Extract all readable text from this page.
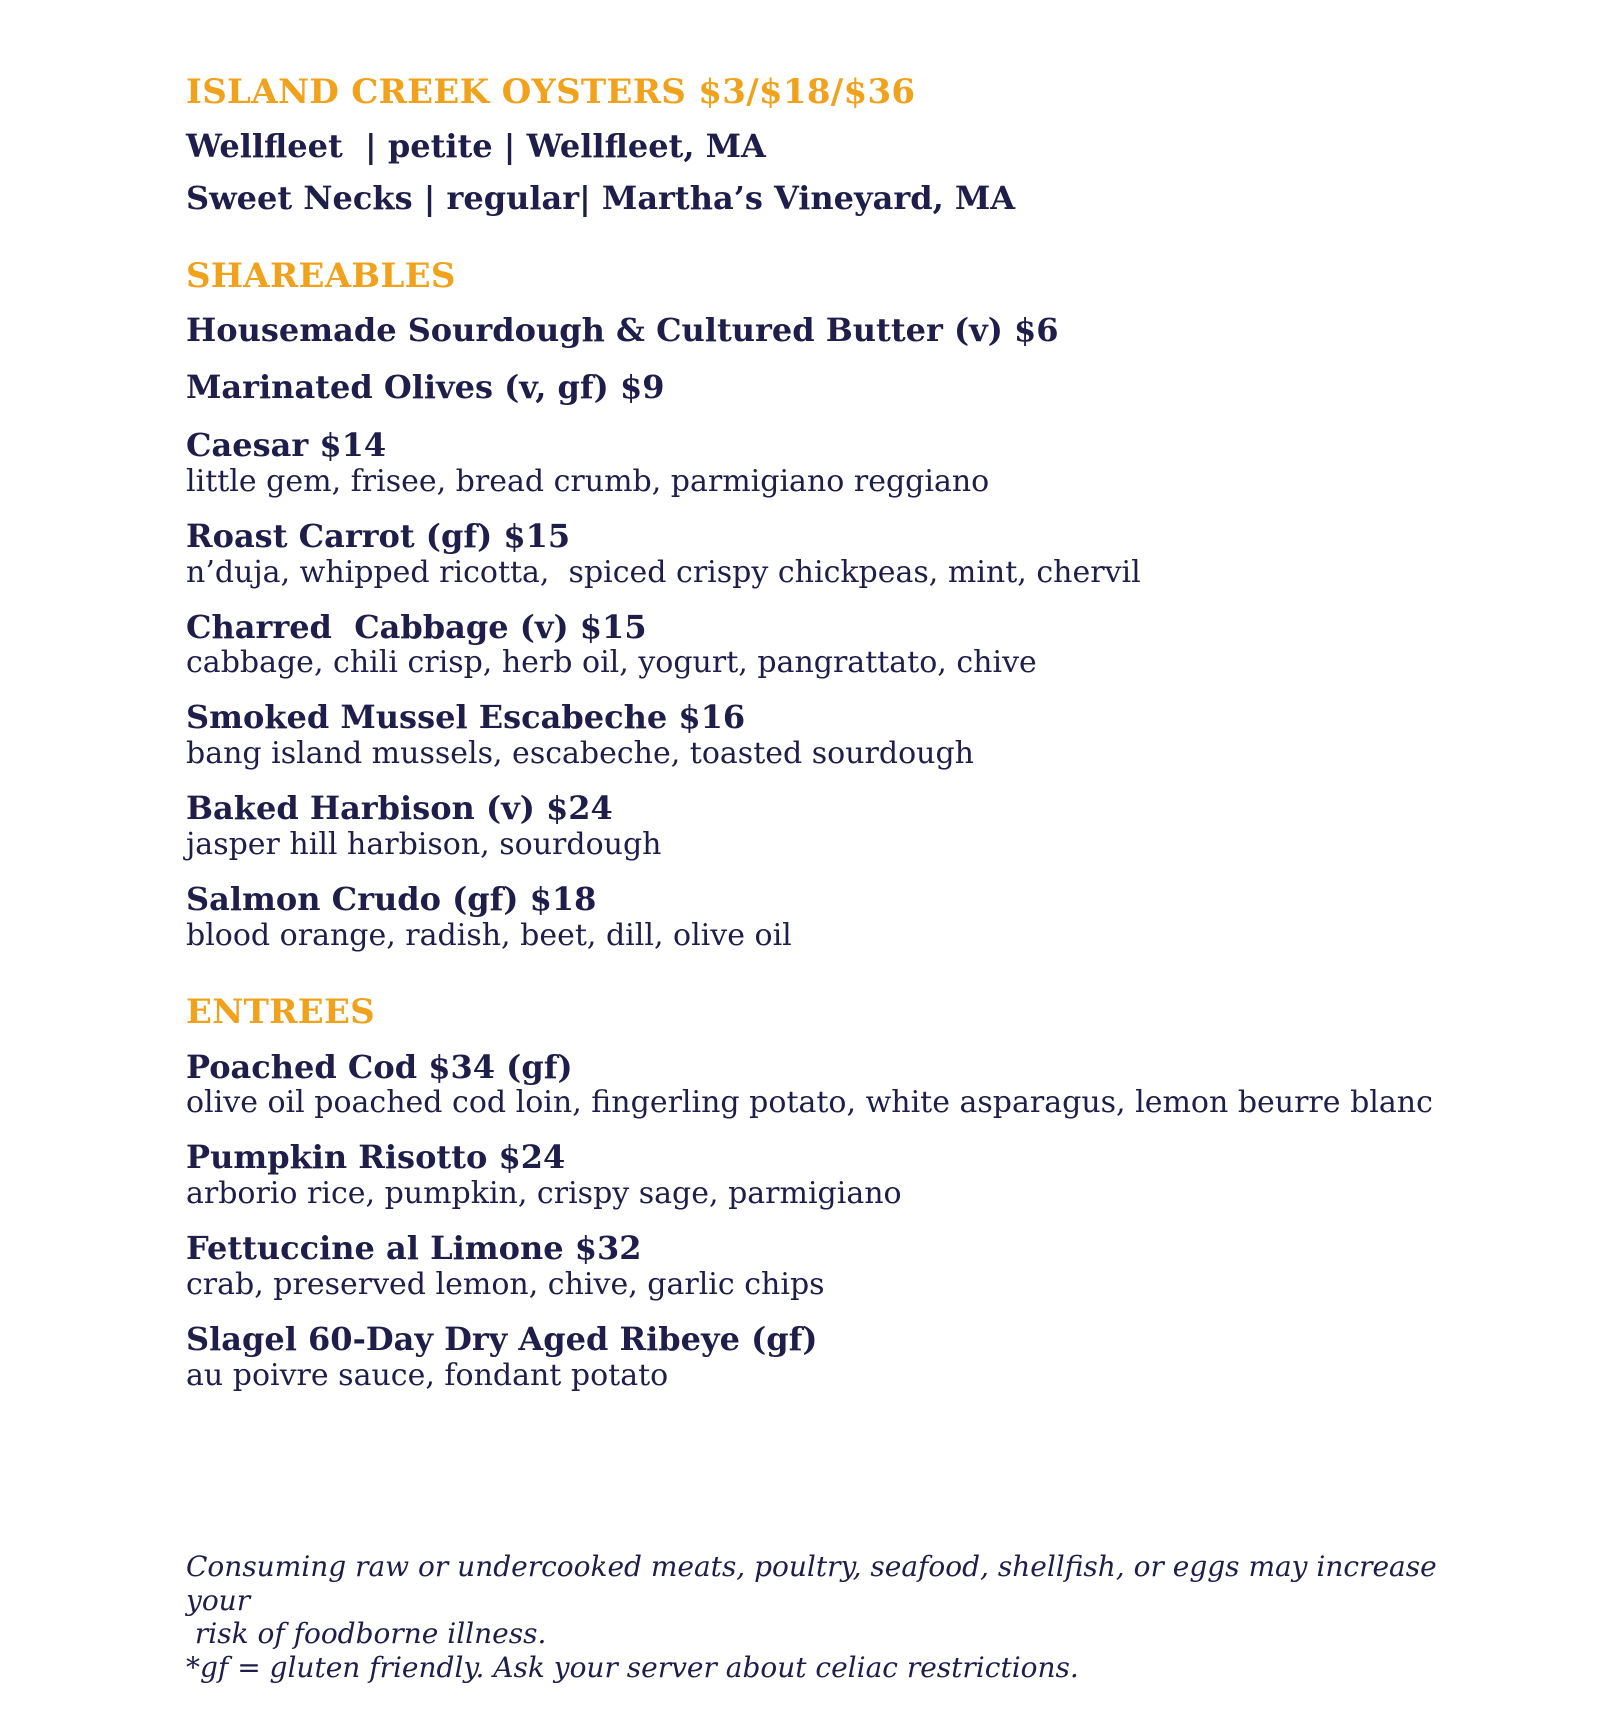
ISLAND CREEK OYSTERS $3/$18/$36

Wellfleet  | petite | Wellfleet, MA

Sweet Necks | regular| Martha’s Vineyard, MA

SHAREABLES

Housemade Sourdough & Cultured Butter (v) $6

Marinated Olives (v, gf) $9

Caesar $14

little gem, frisee, bread crumb, parmigiano reggiano

Roast Carrot (gf) $15

n’duja, whipped ricotta,  spiced crispy chickpeas, mint, chervil

Charred  Cabbage (v) $15

cabbage, chili crisp, herb oil, yogurt, pangrattato, chive

Smoked Mussel Escabeche $16

bang island mussels, escabeche, toasted sourdough

Baked Harbison (v) $24

jasper hill harbison, sourdough

Salmon Crudo (gf) $18

blood orange, radish, beet, dill, olive oil

ENTREES

Poached Cod $34 (gf)

olive oil poached cod loin, fingerling potato, white asparagus, lemon beurre blanc

Pumpkin Risotto $24

arborio rice, pumpkin, crispy sage, parmigiano

Fettuccine al Limone $32

crab, preserved lemon, chive, garlic chips

Slagel 60-Day Dry Aged Ribeye (gf)

au poivre sauce, fondant potato

Consuming raw or undercooked meats, poultry, seafood, shellfish, or eggs may increase

your

risk of foodborne illness.

*gf = gluten friendly. Ask your server about celiac restrictions.
